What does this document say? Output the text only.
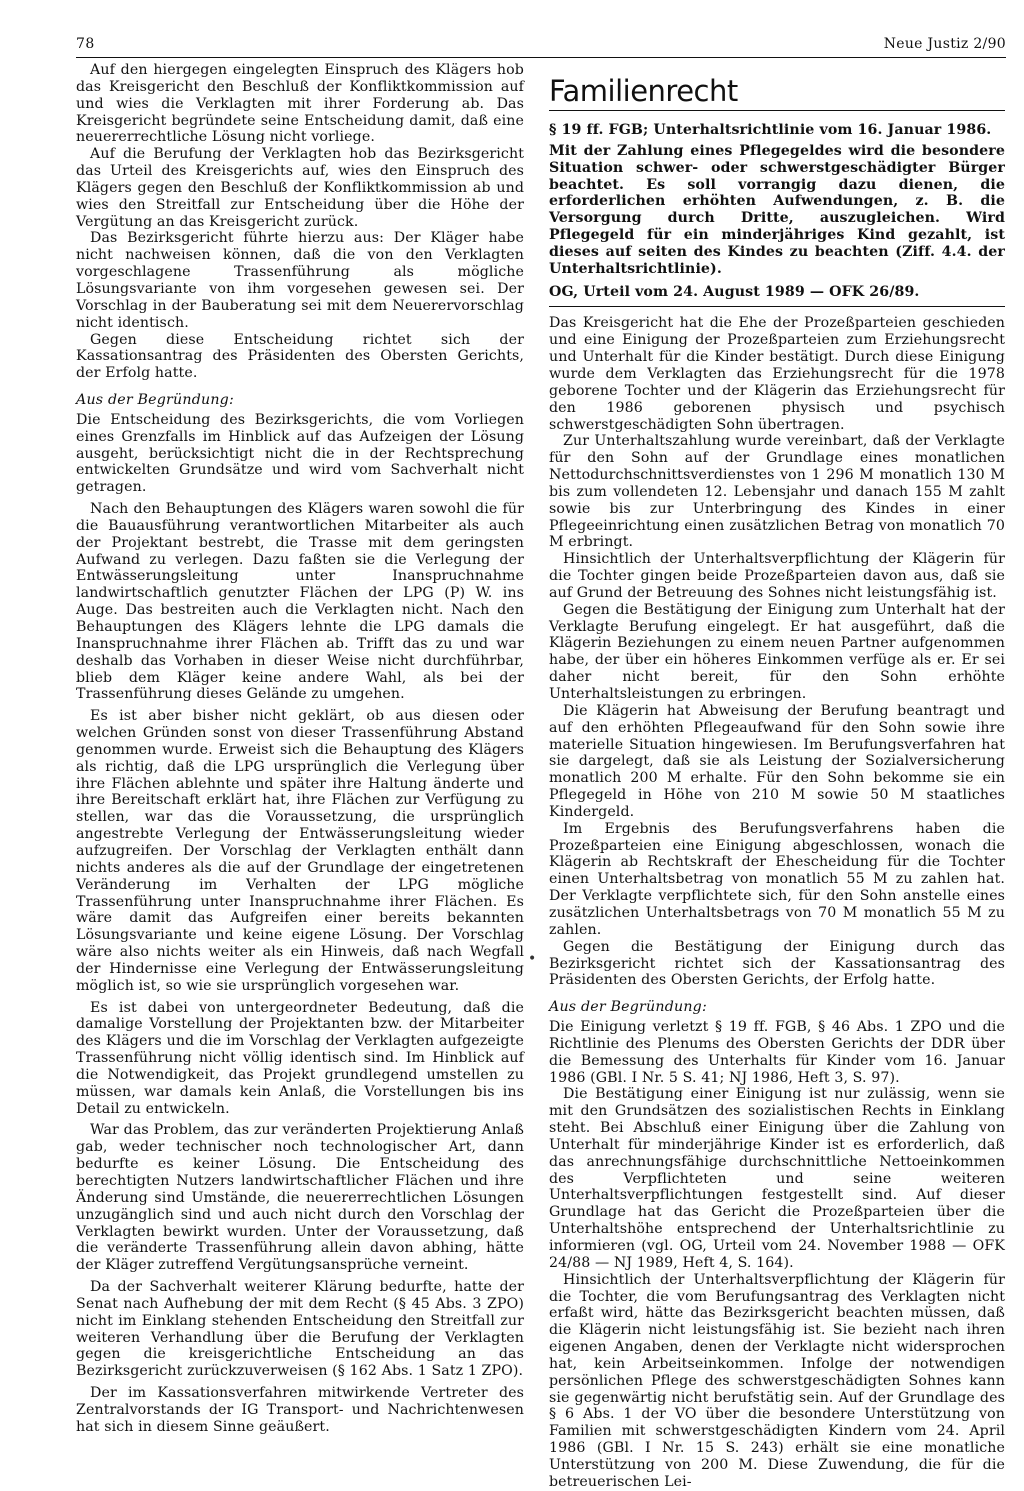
78	Neue Justiz 2/90

Auf den hiergegen eingelegten Einspruch des Klägers hob das Kreisgericht den Beschluß der Konfliktkommission auf und wies die Verklagten mit ihrer Forderung ab. Das Kreisgericht begründete seine Entscheidung damit, daß eine neuererrechtliche Lösung nicht vorliege.

Auf die Berufung der Verklagten hob das Bezirksgericht das Urteil des Kreisgerichts auf, wies den Einspruch des Klägers gegen den Beschluß der Konfliktkommission ab und wies den Streitfall zur Entscheidung über die Höhe der Vergütung an das Kreisgericht zurück.

Das Bezirksgericht führte hierzu aus: Der Kläger habe nicht nachweisen können, daß die von den Verklagten vorgeschlagene Trassenführung als mögliche Lösungsvariante von ihm vorgesehen gewesen sei. Der Vorschlag in der Bauberatung sei mit dem Neuerervorschlag nicht identisch.

Gegen diese Entscheidung richtet sich der Kassationsantrag des Präsidenten des Obersten Gerichts, der Erfolg hatte.

Aus der Begründung:

Die Entscheidung des Bezirksgerichts, die vom Vorliegen eines Grenzfalls im Hinblick auf das Aufzeigen der Lösung ausgeht, berücksichtigt nicht die in der Rechtsprechung entwickelten Grundsätze und wird vom Sachverhalt nicht getragen.

Nach den Behauptungen des Klägers waren sowohl die für die Bauausführung verantwortlichen Mitarbeiter als auch der Projektant bestrebt, die Trasse mit dem geringsten Aufwand zu verlegen. Dazu faßten sie die Verlegung der Entwässerungsleitung unter Inanspruchnahme landwirtschaftlich genutzter Flächen der LPG (P) W. ins Auge. Das bestreiten auch die Verklagten nicht. Nach den Behauptungen des Klägers lehnte die LPG damals die Inanspruchnahme ihrer Flächen ab. Trifft das zu und war deshalb das Vorhaben in dieser Weise nicht durchführbar, blieb dem Kläger keine andere Wahl, als bei der Trassenführung dieses Gelände zu umgehen.

Es ist aber bisher nicht geklärt, ob aus diesen oder welchen Gründen sonst von dieser Trassenführung Abstand genommen wurde. Erweist sich die Behauptung des Klägers als richtig, daß die LPG ursprünglich die Verlegung über ihre Flächen ablehnte und später ihre Haltung änderte und ihre Bereitschaft erklärt hat, ihre Flächen zur Verfügung zu stellen, war das die Voraussetzung, die ursprünglich angestrebte Verlegung der Entwässerungsleitung wieder aufzugreifen. Der Vorschlag der Verklagten enthält dann nichts anderes als die auf der Grundlage der eingetretenen Veränderung im Verhalten der LPG mögliche Trassenführung unter Inanspruchnahme ihrer Flächen. Es wäre damit das Aufgreifen einer bereits bekannten Lösungsvariante und keine eigene Lösung. Der Vorschlag wäre also nichts weiter als ein Hinweis, daß nach Wegfall der Hindernisse eine Verlegung der Entwässerungsleitung möglich ist, so wie sie ursprünglich vorgesehen war.

Es ist dabei von untergeordneter Bedeutung, daß die damalige Vorstellung der Projektanten bzw. der Mitarbeiter des Klägers und die im Vorschlag der Verklagten aufgezeigte Trassenführung nicht völlig identisch sind. Im Hinblick auf die Notwendigkeit, das Projekt grundlegend umstellen zu müssen, war damals kein Anlaß, die Vorstellungen bis ins Detail zu entwickeln.

War das Problem, das zur veränderten Projektierung Anlaß gab, weder technischer noch technologischer Art, dann bedurfte es keiner Lösung. Die Entscheidung des berechtigten Nutzers landwirtschaftlicher Flächen und ihre Änderung sind Umstände, die neuererrechtlichen Lösungen unzugänglich sind und auch nicht durch den Vorschlag der Verklagten bewirkt wurden. Unter der Voraussetzung, daß die veränderte Trassenführung allein davon abhing, hätte der Kläger zutreffend Vergütungsansprüche verneint.

Da der Sachverhalt weiterer Klärung bedurfte, hatte der Senat nach Aufhebung der mit dem Recht (§ 45 Abs. 3 ZPO) nicht im Einklang stehenden Entscheidung den Streitfall zur weiteren Verhandlung über die Berufung der Verklagten gegen die kreisgerichtliche Entscheidung an das Bezirksgericht zurückzuverweisen (§ 162 Abs. 1 Satz 1 ZPO).

Der im Kassationsverfahren mitwirkende Vertreter des Zentralvorstands der IG Transport- und Nachrichtenwesen hat sich in diesem Sinne geäußert.

Familienrecht
§ 19 ff. FGB; Unterhaltsrichtlinie vom 16. Januar 1986.
Mit der Zahlung eines Pflegegeldes wird die besondere Situation schwer- oder schwerstgeschädigter Bürger beachtet. Es soll vorrangig dazu dienen, die erforderlichen erhöhten Aufwendungen, z. B. die Versorgung durch Dritte, auszugleichen. Wird Pflegegeld für ein minderjähriges Kind gezahlt, ist dieses auf seiten des Kindes zu beachten (Ziff. 4.4. der Unterhaltsrichtlinie).
OG, Urteil vom 24. August 1989 — OFK 26/89.

Das Kreisgericht hat die Ehe der Prozeßparteien geschieden und eine Einigung der Prozeßparteien zum Erziehungsrecht und Unterhalt für die Kinder bestätigt. Durch diese Einigung wurde dem Verklagten das Erziehungsrecht für die 1978 geborene Tochter und der Klägerin das Erziehungsrecht für den 1986 geborenen physisch und psychisch schwerstgeschädigten Sohn übertragen.

Zur Unterhaltszahlung wurde vereinbart, daß der Verklagte für den Sohn auf der Grundlage eines monatlichen Nettodurchschnittsverdienstes von 1 296 M monatlich 130 M bis zum vollendeten 12. Lebensjahr und danach 155 M zahlt sowie bis zur Unterbringung des Kindes in einer Pflegeeinrichtung einen zusätzlichen Betrag von monatlich 70 M erbringt.

Hinsichtlich der Unterhaltsverpflichtung der Klägerin für die Tochter gingen beide Prozeßparteien davon aus, daß sie auf Grund der Betreuung des Sohnes nicht leistungsfähig ist.

Gegen die Bestätigung der Einigung zum Unterhalt hat der Verklagte Berufung eingelegt. Er hat ausgeführt, daß die Klägerin Beziehungen zu einem neuen Partner aufgenommen habe, der über ein höheres Einkommen verfüge als er. Er sei daher nicht bereit, für den Sohn erhöhte Unterhaltsleistungen zu erbringen.

Die Klägerin hat Abweisung der Berufung beantragt und auf den erhöhten Pflegeaufwand für den Sohn sowie ihre materielle Situation hingewiesen. Im Berufungsverfahren hat sie dargelegt, daß sie als Leistung der Sozialversicherung monatlich 200 M erhalte. Für den Sohn bekomme sie ein Pflegegeld in Höhe von 210 M sowie 50 M staatliches Kindergeld.

Im Ergebnis des Berufungsverfahrens haben die Prozeßparteien eine Einigung abgeschlossen, wonach die Klägerin ab Rechtskraft der Ehescheidung für die Tochter einen Unterhaltsbetrag von monatlich 55 M zu zahlen hat. Der Verklagte verpflichtete sich, für den Sohn anstelle eines zusätzlichen Unterhaltsbetrags von 70 M monatlich 55 M zu zahlen.

Gegen die Bestätigung der Einigung durch das Bezirksgericht richtet sich der Kassationsantrag des Präsidenten des Obersten Gerichts, der Erfolg hatte.

Aus der Begründung:

Die Einigung verletzt § 19 ff. FGB, § 46 Abs. 1 ZPO und die Richtlinie des Plenums des Obersten Gerichts der DDR über die Bemessung des Unterhalts für Kinder vom 16. Januar 1986 (GBl. I Nr. 5 S. 41; NJ 1986, Heft 3, S. 97).

Die Bestätigung einer Einigung ist nur zulässig, wenn sie mit den Grundsätzen des sozialistischen Rechts in Einklang steht. Bei Abschluß einer Einigung über die Zahlung von Unterhalt für minderjährige Kinder ist es erforderlich, daß das anrechnungsfähige durchschnittliche Nettoeinkommen des Verpflichteten und seine weiteren Unterhaltsverpflichtungen festgestellt sind. Auf dieser Grundlage hat das Gericht die Prozeßparteien über die Unterhaltshöhe entsprechend der Unterhaltsrichtlinie zu informieren (vgl. OG, Urteil vom 24. November 1988 — OFK 24/88 — NJ 1989, Heft 4, S. 164).

Hinsichtlich der Unterhaltsverpflichtung der Klägerin für die Tochter, die vom Berufungsantrag des Verklagten nicht erfaßt wird, hätte das Bezirksgericht beachten müssen, daß die Klägerin nicht leistungsfähig ist. Sie bezieht nach ihren eigenen Angaben, denen der Verklagte nicht widersprochen hat, kein Arbeitseinkommen. Infolge der notwendigen persönlichen Pflege des schwerstgeschädigten Sohnes kann sie gegenwärtig nicht berufstätig sein. Auf der Grundlage des § 6 Abs. 1 der VO über die besondere Unterstützung von Familien mit schwerstgeschädigten Kindern vom 24. April 1986 (GBl. I Nr. 15 S. 243) erhält sie eine monatliche Unterstützung von 200 M. Diese Zuwendung, die für die betreuerischen Lei-

•
